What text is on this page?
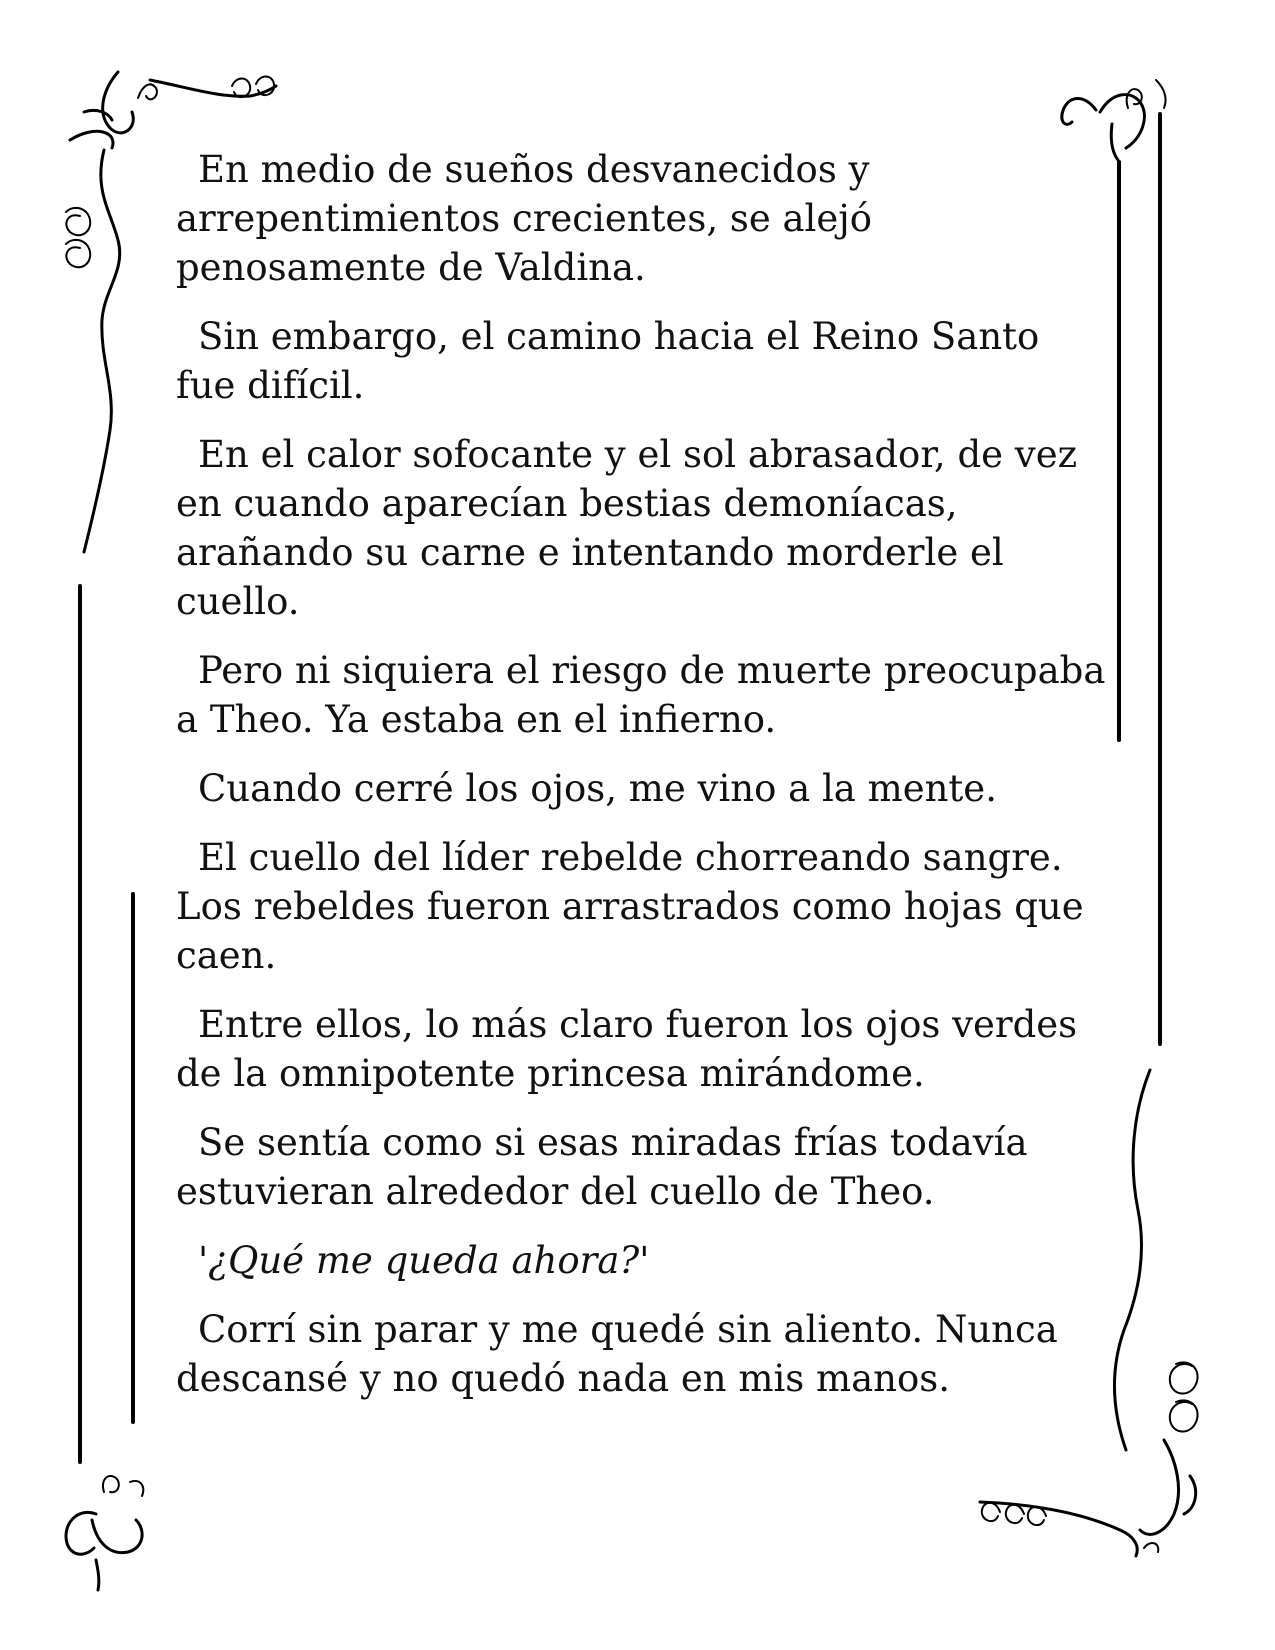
En medio de sueños desvanecidos y arrepentimientos crecientes, se alejó penosamente de Valdina.

Sin embargo, el camino hacia el Reino Santo fue difícil.

En el calor sofocante y el sol abrasador, de vez en cuando aparecían bestias demoníacas, arañando su carne e intentando morderle el cuello.

Pero ni siquiera el riesgo de muerte preocupaba a Theo. Ya estaba en el infierno.

Cuando cerré los ojos, me vino a la mente.

El cuello del líder rebelde chorreando sangre. Los rebeldes fueron arrastrados como hojas que caen.

Entre ellos, lo más claro fueron los ojos verdes de la omnipotente princesa mirándome.

Se sentía como si esas miradas frías todavía estuvieran alrededor del cuello de Theo.

'¿Qué me queda ahora?'

Corrí sin parar y me quedé sin aliento. Nunca descansé y no quedó nada en mis manos.
